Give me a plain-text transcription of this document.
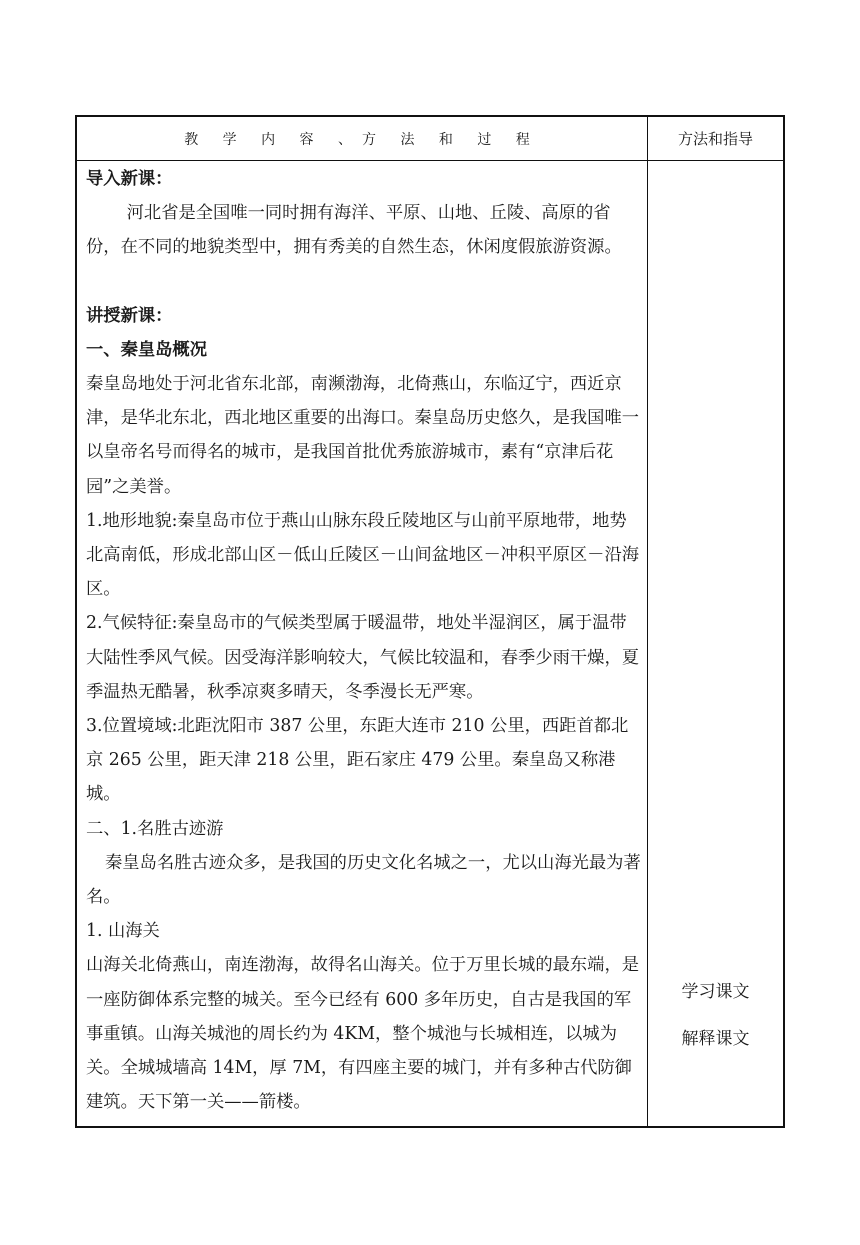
教 学 内 容 、方 法 和 过 程	方法和指导

导入新课：

河北省是全国唯一同时拥有海洋、平原、山地、丘陵、高原的省份，在不同的地貌类型中，拥有秀美的自然生态，休闲度假旅游资源。

讲授新课：

一、秦皇岛概况

秦皇岛地处于河北省东北部，南濒渤海，北倚燕山，东临辽宁，西近京津，是华北东北，西北地区重要的出海口。秦皇岛历史悠久，是我国唯一以皇帝名号而得名的城市，是我国首批优秀旅游城市，素有“京津后花园”之美誉。

1.地形地貌:秦皇岛市位于燕山山脉东段丘陵地区与山前平原地带，地势北高南低，形成北部山区－低山丘陵区－山间盆地区－冲积平原区－沿海区。

2.气候特征:秦皇岛市的气候类型属于暖温带，地处半湿润区，属于温带大陆性季风气候。因受海洋影响较大，气候比较温和，春季少雨干燥，夏季温热无酷暑，秋季凉爽多晴天，冬季漫长无严寒。

3.位置境域:北距沈阳市 387 公里，东距大连市 210 公里，西距首都北京 265 公里，距天津 218 公里，距石家庄 479 公里。秦皇岛又称港城。

二、1.名胜古迹游

秦皇岛名胜古迹众多，是我国的历史文化名城之一，尤以山海光最为著名。

1. 山海关

山海关北倚燕山，南连渤海，故得名山海关。位于万里长城的最东端，是一座防御体系完整的城关。至今已经有 600 多年历史，自古是我国的军事重镇。山海关城池的周长约为 4KM，整个城池与长城相连，以城为关。全城城墙高 14M，厚 7M，有四座主要的城门，并有多种古代防御建筑。天下第一关——箭楼。

学习课文

解释课文
